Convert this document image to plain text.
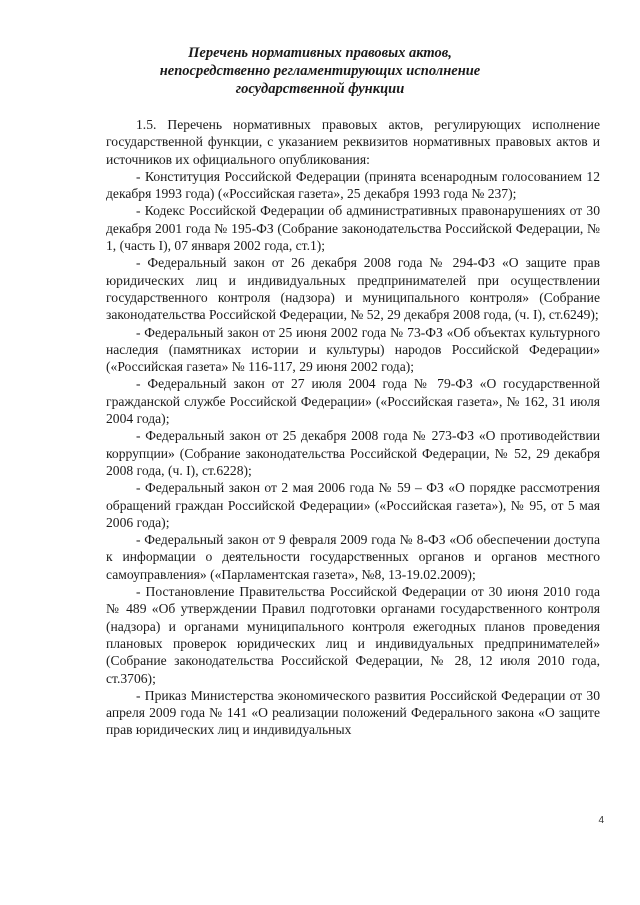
Перечень нормативных правовых актов,
непосредственно регламентирующих исполнение
государственной функции

1.5. Перечень нормативных правовых актов, регулирующих исполнение государственной функции, с указанием реквизитов нормативных правовых актов и источников их официального опубликования:

- Конституция Российской Федерации (принята всенародным голосованием 12 декабря 1993 года) («Российская газета», 25 декабря 1993 года № 237);

- Кодекс Российской Федерации об административных правонарушениях от 30 декабря 2001 года № 195-ФЗ (Собрание законодательства Российской Федерации, № 1, (часть I), 07 января 2002 года, ст.1);

- Федеральный закон от 26 декабря 2008 года № 294-ФЗ «О защите прав юридических лиц и индивидуальных предпринимателей при осуществлении государственного контроля (надзора) и муниципального контроля» (Собрание законодательства Российской Федерации, № 52, 29 декабря 2008 года, (ч. I), ст.6249);

- Федеральный закон от 25 июня 2002 года № 73-ФЗ «Об объектах культурного наследия (памятниках истории и культуры) народов Российской Федерации» («Российская газета» № 116-117, 29 июня 2002 года);

- Федеральный закон от 27 июля 2004 года № 79-ФЗ «О государственной гражданской службе Российской Федерации» («Российская газета», № 162, 31 июля 2004 года);

- Федеральный закон от 25 декабря 2008 года № 273-ФЗ «О противодействии коррупции» (Собрание законодательства Российской Федерации, № 52, 29 декабря 2008 года, (ч. I), ст.6228);

- Федеральный закон от 2 мая 2006 года № 59 – ФЗ «О порядке рассмотрения обращений граждан Российской Федерации» («Российская газета»), № 95, от 5 мая 2006 года);

- Федеральный закон от 9 февраля 2009 года № 8-ФЗ «Об обеспечении доступа к информации о деятельности государственных органов и органов местного самоуправления» («Парламентская газета», №8, 13-19.02.2009);

- Постановление Правительства Российской Федерации от 30 июня 2010 года № 489 «Об утверждении Правил подготовки органами государственного контроля (надзора) и органами муниципального контроля ежегодных планов проведения плановых проверок юридических лиц и индивидуальных предпринимателей» (Собрание законодательства Российской Федерации, № 28, 12 июля 2010 года, ст.3706);

- Приказ Министерства экономического развития Российской Федерации от 30 апреля 2009 года № 141 «О реализации положений Федерального закона «О защите прав юридических лиц и индивидуальных

4
